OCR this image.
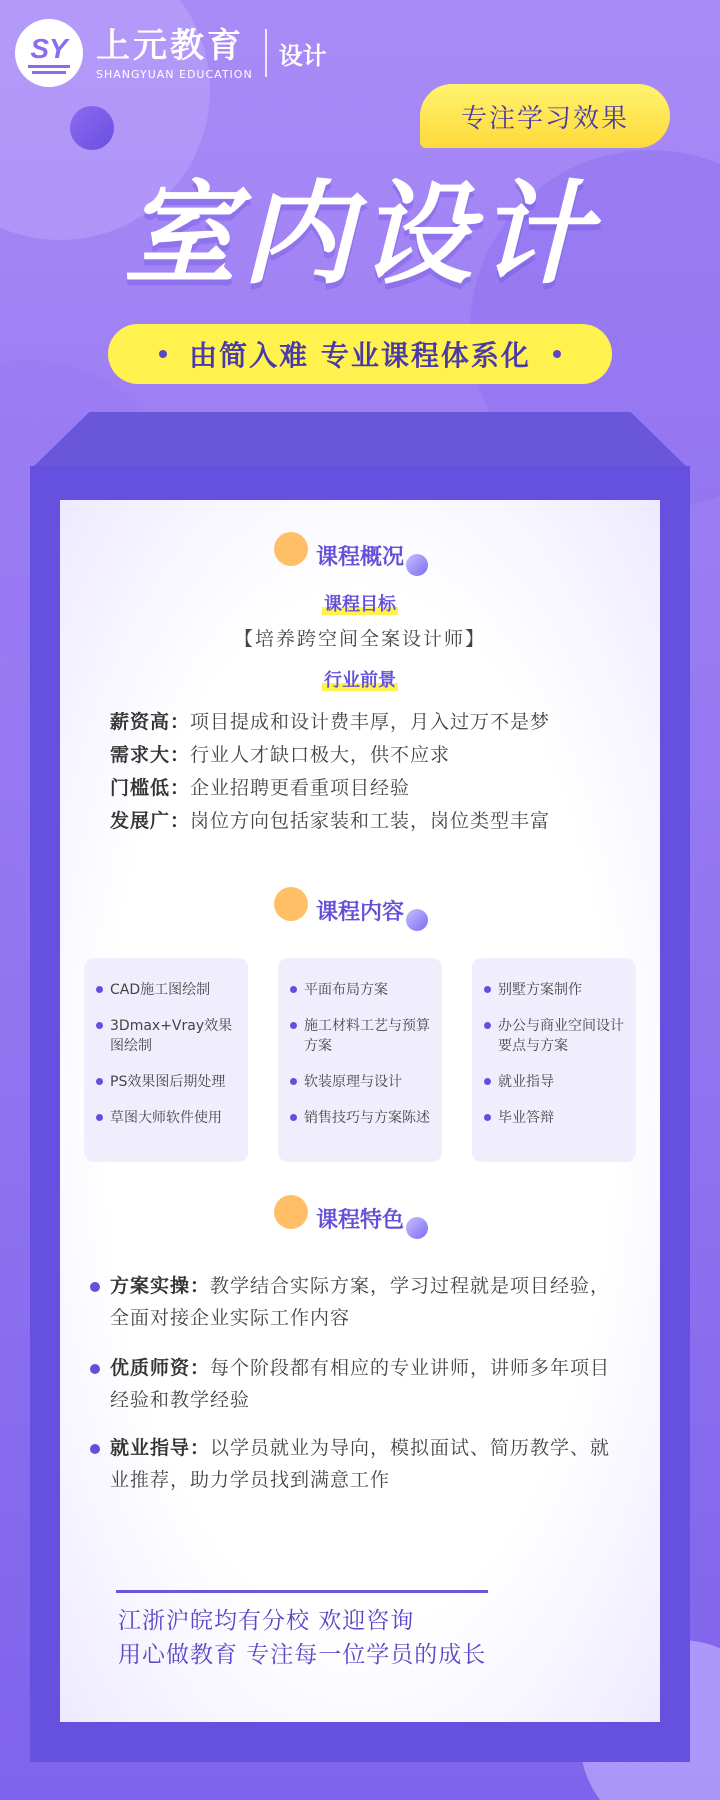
SY 上元教育
SHANGYUAN EDUCATION
设计
专注学习效果
室内设计
由简入难 专业课程体系化
课程概况
课程目标
【培养跨空间全案设计师】
行业前景
课程内容
课程特色
薪资高：项目提成和设计费丰厚，月入过万不是梦
需求大：行业人才缺口极大，供不应求
门槛低：企业招聘更看重项目经验
发展广：岗位方向包括家装和工装，岗位类型丰富
CAD施工图绘制
3Dmax+Vray效果图绘制
PS效果图后期处理
草图大师软件使用
平面布局方案
施工材料工艺与预算方案
软装原理与设计
销售技巧与方案陈述
别墅方案制作
办公与商业空间设计要点与方案
就业指导
毕业答辩
方案实操：教学结合实际方案，学习过程就是项目经验，全面对接企业实际工作内容
优质师资：每个阶段都有相应的专业讲师，讲师多年项目经验和教学经验
就业指导：以学员就业为导向，模拟面试、简历教学、就业推荐，助力学员找到满意工作
江浙沪皖均有分校 欢迎咨询
用心做教育 专注每一位学员的成长
